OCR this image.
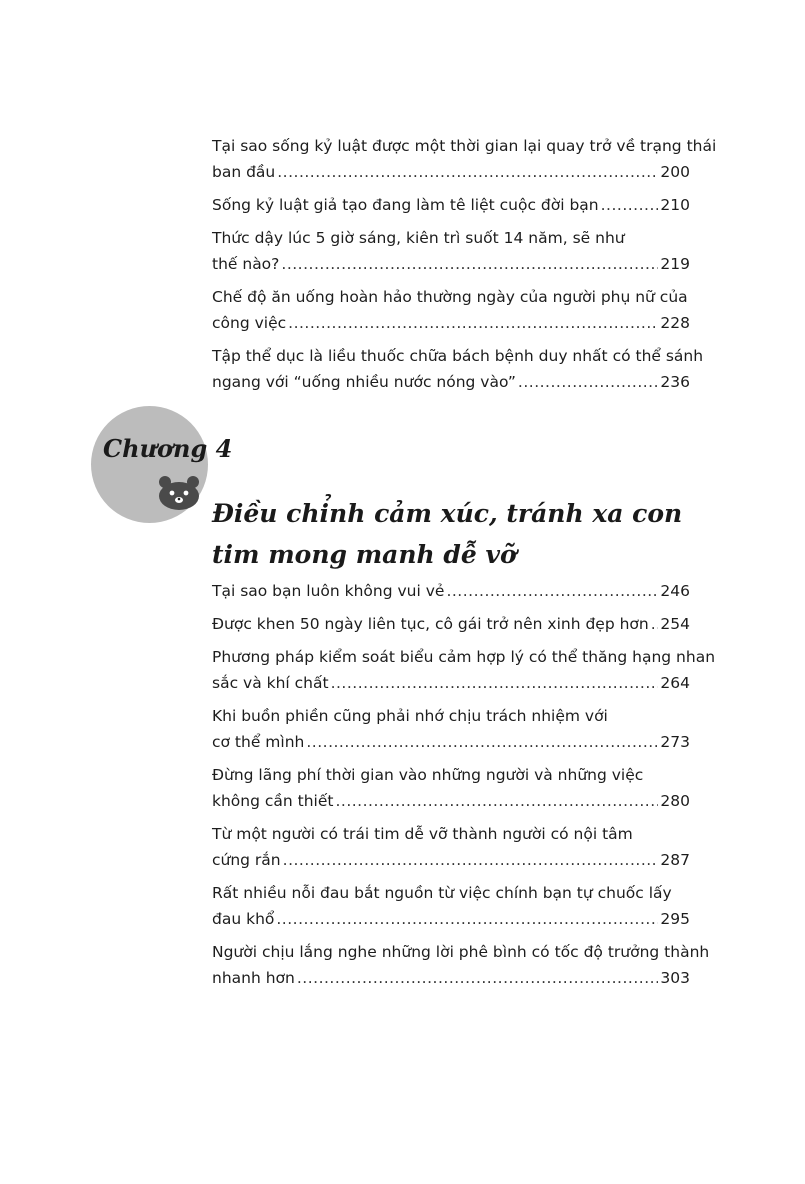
Tại sao sống kỷ luật được một thời gian lại quay trở về trạng thái
ban đầu .....	200
Sống kỷ luật giả tạo đang làm tê liệt cuộc đời bạn .....	210
Thức dậy lúc 5 giờ sáng, kiên trì suốt 14 năm, sẽ như
thế nào? .....	219
Chế độ ăn uống hoàn hảo thường ngày của người phụ nữ của
công việc .....	228
Tập thể dục là liều thuốc chữa bách bệnh duy nhất có thể sánh
ngang với “uống nhiều nước nóng vào” .....	236
Chương 4
Điều chỉnh cảm xúc, tránh xa con tim mong manh dễ vỡ
Tại sao bạn luôn không vui vẻ .....	246
Được khen 50 ngày liên tục, cô gái trở nên xinh đẹp hơn ..... 254
Phương pháp kiểm soát biểu cảm hợp lý có thể thăng hạng nhan
sắc và khí chất .....	264
Khi buồn phiền cũng phải nhớ chịu trách nhiệm với
cơ thể mình .....	273
Đừng lãng phí thời gian vào những người và những việc
không cần thiết .....	280
Từ một người có trái tim dễ vỡ thành người có nội tâm
cứng rắn .....	287
Rất nhiều nỗi đau bắt nguồn từ việc chính bạn tự chuốc lấy
đau khổ .....	295
Người chịu lắng nghe những lời phê bình có tốc độ trưởng thành
nhanh hơn .....	303
